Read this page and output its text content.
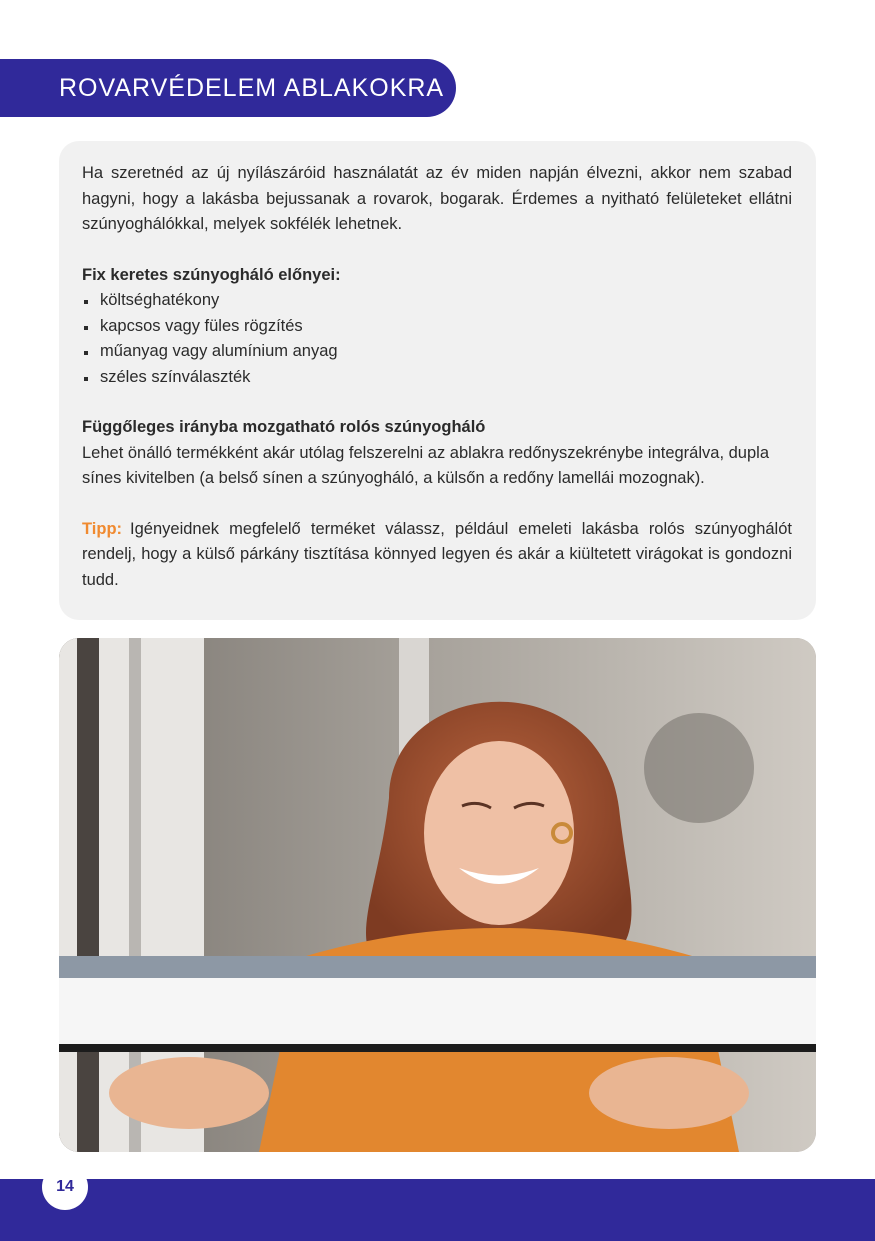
ROVARVÉDELEM ABLAKOKRA

Ha szeretnéd az új nyílászáróid használatát az év miden napján élvezni, akkor nem szabad hagyni, hogy a lakásba bejussanak a rovarok, bogarak. Érdemes a nyitható felületeket ellátni szúnyoghálókkal, melyek sokfélék lehetnek.

Fix keretes szúnyogháló előnyei:

költséghatékony
kapcsos vagy füles rögzítés
műanyag vagy alumínium anyag
széles színválaszték

Függőleges irányba mozgatható rolós szúnyogháló

Lehet önálló termékként akár utólag felszerelni az ablakra redőnyszekrénybe integrálva, dupla sínes kivitelben (a belső sínen a szúnyogháló, a külsőn a redőny lamellái mozognak).

Tipp: Igényeidnek megfelelő terméket válassz, például emeleti lakásba rolós szúnyoghálót rendelj, hogy a külső párkány tisztítása könnyed legyen és akár a kiültetett virágokat is gondozni tudd.

14
